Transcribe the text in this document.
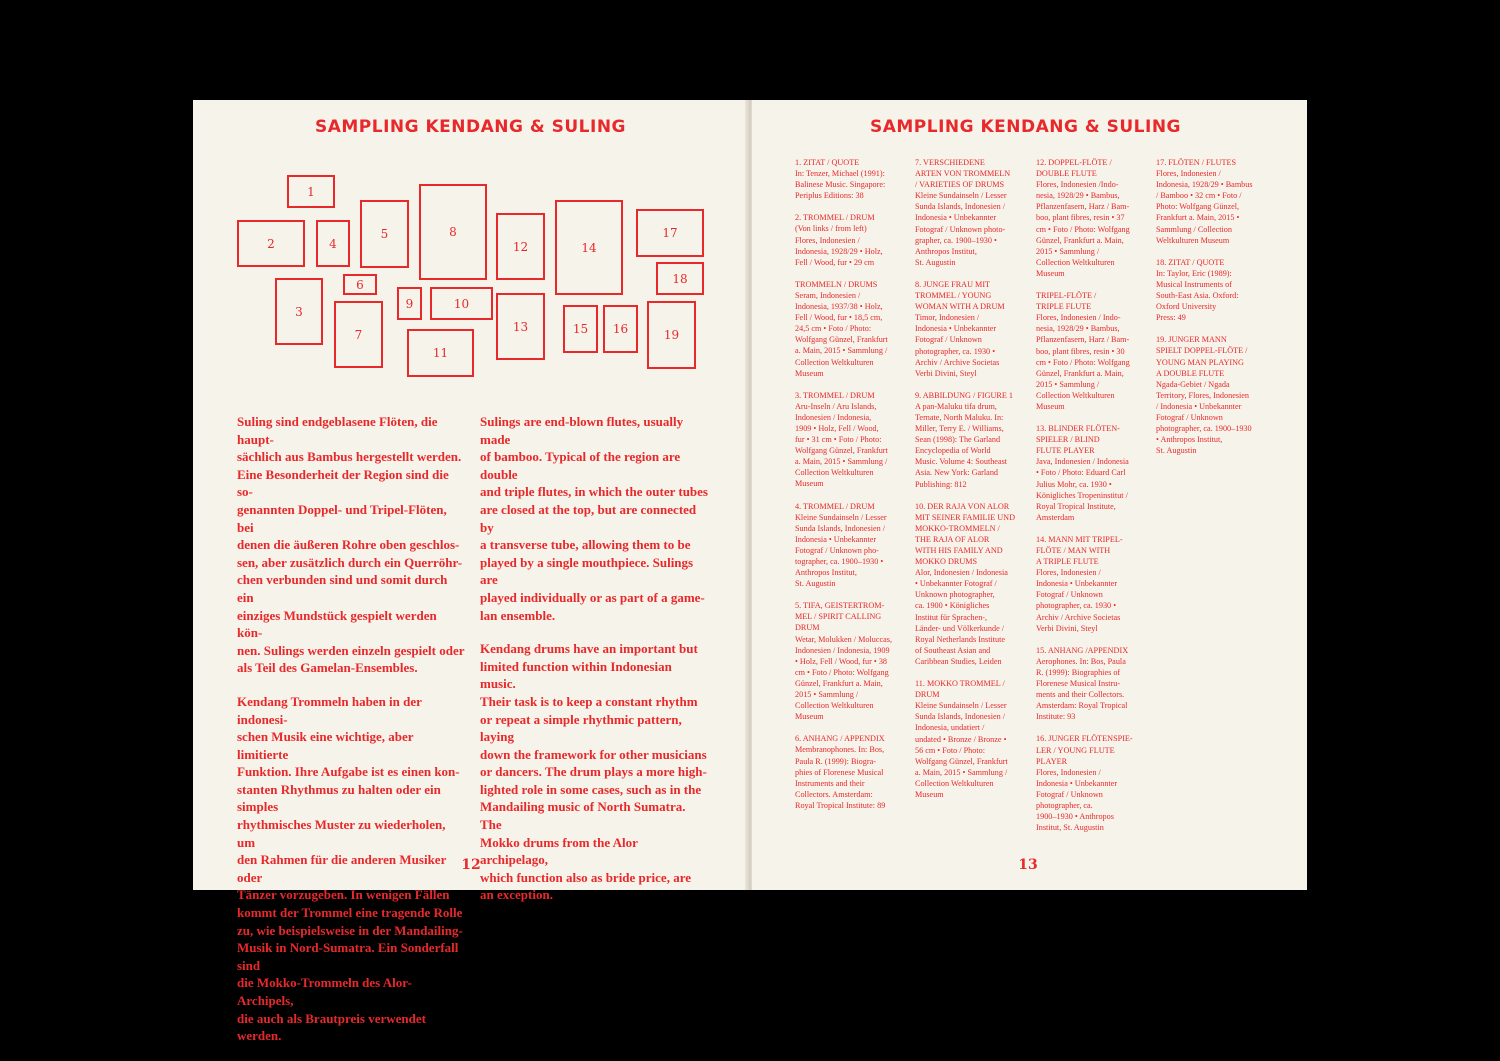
SAMPLING KENDANG & SULING
1
2
3
4
5
6
7
8
9	10
11
12
13
14
15	16
17
18
19

Suling sind endgeblasene Flöten, die haupt-
sächlich aus Bambus hergestellt werden.
Eine Besonderheit der Region sind die so-
genannten Doppel- und Tripel-Flöten, bei
denen die äußeren Rohre oben geschlos-
sen, aber zusätzlich durch ein Querröhr-
chen verbunden sind und somit durch ein
einziges Mundstück gespielt werden kön-
nen. Sulings werden einzeln gespielt oder
als Teil des Gamelan-Ensembles.

Kendang Trommeln haben in der indonesi-
schen Musik eine wichtige, aber limitierte
Funktion. Ihre Aufgabe ist es einen kon-
stanten Rhythmus zu halten oder ein simples
rhythmisches Muster zu wiederholen, um
den Rahmen für die anderen Musiker oder
Tänzer vorzugeben. In wenigen Fällen
kommt der Trommel eine tragende Rolle
zu, wie beispielsweise in der Mandailing-
Musik in Nord-Sumatra. Ein Sonderfall sind
die Mokko-Trommeln des Alor-Archipels,
die auch als Brautpreis verwendet werden.

Sulings are end-blown flutes, usually made
of bamboo. Typical of the region are double
and triple flutes, in which the outer tubes
are closed at the top, but are connected by
a transverse tube, allowing them to be
played by a single mouthpiece. Sulings are
played individually or as part of a game-
lan ensemble.

Kendang drums have an important but
limited function within Indonesian music.
Their task is to keep a constant rhythm
or repeat a simple rhythmic pattern, laying
down the framework for other musicians
or dancers. The drum plays a more high-
lighted role in some cases, such as in the
Mandailing music of North Sumatra. The
Mokko drums from the Alor archipelago,
which function also as bride price, are
an exception.

12
SAMPLING KENDANG & SULING
1. ZITAT / QUOTE
In: Tenzer, Michael (1991):
Balinese Music. Singapore:
Periplus Editions: 38
2. TROMMEL / DRUM
(Von links / from left)
Flores, Indonesien /
Indonesia, 1928/29 • Holz,
Fell / Wood, fur • 29 cm
TROMMELN / DRUMS
Seram, Indonesien /
Indonesia, 1937/38 • Holz,
Fell / Wood, fur • 18,5 cm,
24,5 cm • Foto / Photo:
Wolfgang Günzel, Frankfurt
a. Main, 2015 • Sammlung /
Collection Weltkulturen
Museum
3. TROMMEL / DRUM
Aru-Inseln / Aru Islands,
Indonesien / Indonesia,
1909 • Holz, Fell / Wood,
fur • 31 cm • Foto / Photo:
Wolfgang Günzel, Frankfurt
a. Main, 2015 • Sammlung /
Collection Weltkulturen
Museum
4. TROMMEL / DRUM
Kleine Sundainseln / Lesser
Sunda Islands, Indonesien /
Indonesia • Unbekannter
Fotograf / Unknown pho-
tographer, ca. 1900–1930 •
Anthropos Institut,
St. Augustin
5. TIFA, GEISTERTROM-
MEL / SPIRIT CALLING
DRUM
Wetar, Molukken / Moluccas,
Indonesien / Indonesia, 1909
• Holz, Fell / Wood, fur • 38
cm • Foto / Photo: Wolfgang
Günzel, Frankfurt a. Main,
2015 • Sammlung /
Collection Weltkulturen
Museum
6. ANHANG / APPENDIX
Membranophones. In: Bos,
Paula R. (1999): Biogra-
phies of Florenese Musical
Instruments and their
Collectors. Amsterdam:
Royal Tropical Institute: 89
7. VERSCHIEDENE
ARTEN VON TROMMELN
/ VARIETIES OF DRUMS
Kleine Sundainseln / Lesser
Sunda Islands, Indonesien /
Indonesia • Unbekannter
Fotograf / Unknown photo-
grapher, ca. 1900–1930 •
Anthropos Institut,
St. Augustin
8. JUNGE FRAU MIT
TROMMEL / YOUNG
WOMAN WITH A DRUM
Timor, Indonesien /
Indonesia • Unbekannter
Fotograf / Unknown
photographer, ca. 1930 •
Archiv / Archive Societas
Verbi Divini, Steyl
9. ABBILDUNG / FIGURE 1
A pan-Maluku tifa drum,
Ternate, North Maluku. In:
Miller, Terry E. / Williams,
Sean (1998): The Garland
Encyclopedia of World
Music. Volume 4: Southeast
Asia. New York: Garland
Publishing: 812
10. DER RAJA VON ALOR
MIT SEINER FAMILIE UND
MOKKO-TROMMELN /
THE RAJA OF ALOR
WITH HIS FAMILY AND
MOKKO DRUMS
Alor, Indonesien / Indonesia
• Unbekannter Fotograf /
Unknown photographer,
ca. 1900 • Königliches
Institut für Sprachen-,
Länder- und Völkerkunde /
Royal Netherlands Institute
of Southeast Asian and
Caribbean Studies, Leiden
11. MOKKO TROMMEL /
DRUM
Kleine Sundainseln / Lesser
Sunda Islands, Indonesien /
Indonesia, undatiert /
undated • Bronze / Bronze •
56 cm • Foto / Photo:
Wolfgang Günzel, Frankfurt
a. Main, 2015 • Sammlung /
Collection Weltkulturen
Museum
12. DOPPEL-FLÖTE /
DOUBLE FLUTE
Flores, Indonesien /Indo-
nesia, 1928/29 • Bambus,
Pflanzenfasern, Harz / Bam-
boo, plant fibres, resin • 37
cm • Foto / Photo: Wolfgang
Günzel, Frankfurt a. Main,
2015 • Sammlung /
Collection Weltkulturen
Museum
TRIPEL-FLÖTE /
TRIPLE FLUTE
Flores, Indonesien / Indo-
nesia, 1928/29 • Bambus,
Pflanzenfasern, Harz / Bam-
boo, plant fibres, resin • 30
cm • Foto / Photo: Wolfgang
Günzel, Frankfurt a. Main,
2015 • Sammlung /
Collection Weltkulturen
Museum
13. BLINDER FLÖTEN-
SPIELER / BLIND
FLUTE PLAYER
Java, Indonesien / Indonesia
• Foto / Photo: Eduard Carl
Julius Mohr, ca. 1930 •
Königliches Tropeninstitut /
Royal Tropical Institute,
Amsterdam
14. MANN MIT TRIPEL-
FLÖTE / MAN WITH
A TRIPLE FLUTE
Flores, Indonesien /
Indonesia • Unbekannter
Fotograf / Unknown
photographer, ca. 1930 •
Archiv / Archive Societas
Verbi Divini, Steyl
15. ANHANG /APPENDIX
Aerophones. In: Bos, Paula
R. (1999): Biographies of
Florenese Musical Instru-
ments and their Collectors.
Amsterdam: Royal Tropical
Institute: 93
16. JUNGER FLÖTENSPIE-
LER / YOUNG FLUTE
PLAYER
Flores, Indonesien /
Indonesia • Unbekannter
Fotograf / Unknown
photographer, ca.
1900–1930 • Anthropos
Institut, St. Augustin
17. FLÖTEN / FLUTES
Flores, Indonesien /
Indonesia, 1928/29 • Bambus
/ Bamboo • 32 cm • Foto /
Photo: Wolfgang Günzel,
Frankfurt a. Main, 2015 •
Sammlung / Collection
Weltkulturen Museum
18. ZITAT / QUOTE
In: Taylor, Eric (1989):
Musical Instruments of
South-East Asia. Oxford:
Oxford University
Press: 49
19. JUNGER MANN
SPIELT DOPPEL-FLÖTE /
YOUNG MAN PLAYING
A DOUBLE FLUTE
Ngada-Gebiet / Ngada
Territory, Flores, Indonesien
/ Indonesia • Unbekannter
Fotograf / Unknown
photographer, ca. 1900–1930
• Anthropos Institut,
St. Augustin
13
